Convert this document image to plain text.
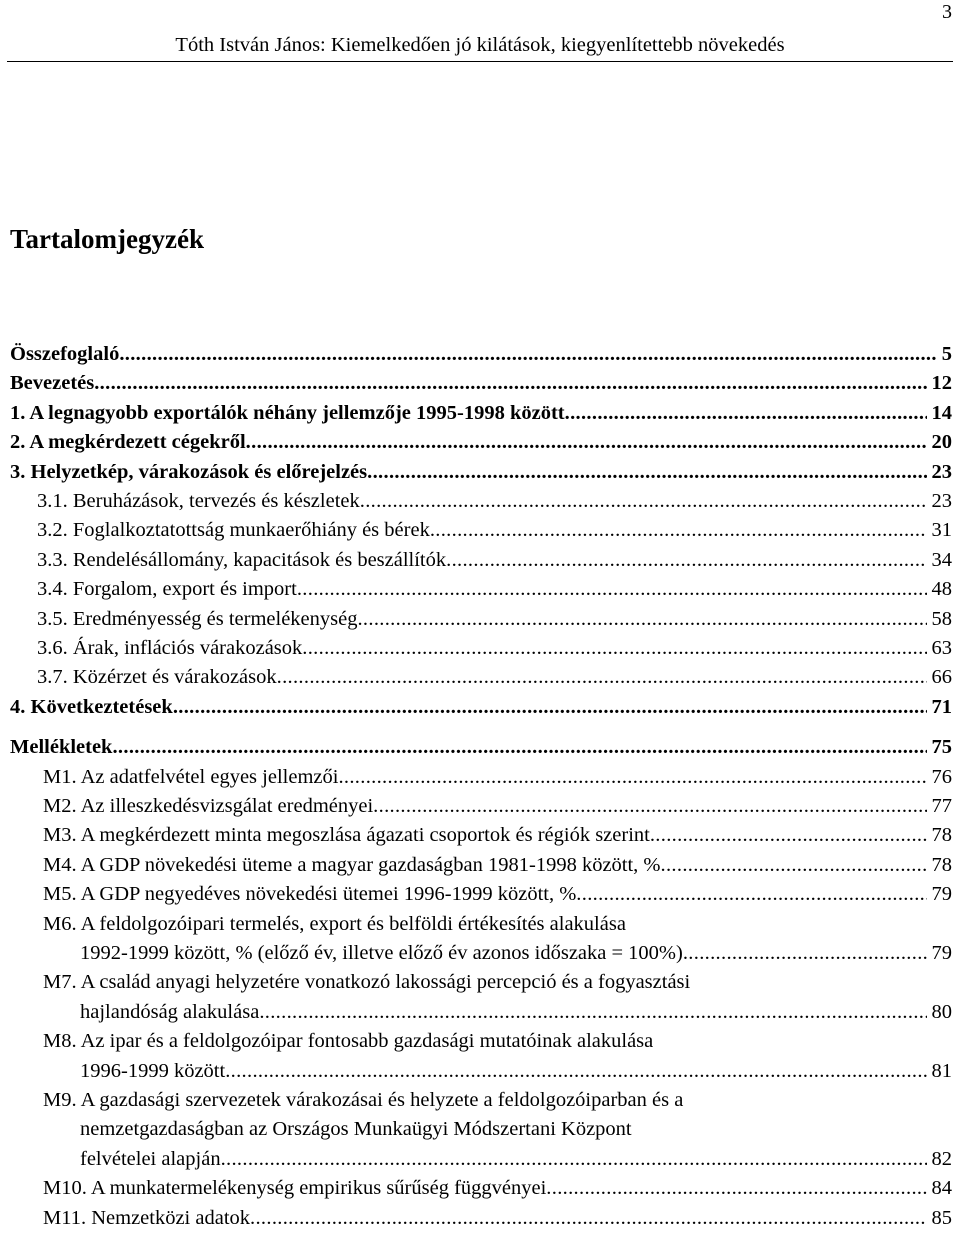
3
Tóth István János: Kiemelkedően jó kilátások, kiegyenlítettebb növekedés
Tartalomjegyzék
Összefoglaló . . .	5
Bevezetés . . .	12
1. A legnagyobb exportálók néhány jellemzője 1995-1998 között . . .	14
2. A megkérdezett cégekről . . .	20
3. Helyzetkép, várakozások és előrejelzés . . .	23
3.1. Beruházások, tervezés és készletek . . .	23
3.2. Foglalkoztatottság munkaerőhiány és bérek . . .	31
3.3. Rendelésállomány, kapacitások és beszállítók . . .	34
3.4. Forgalom, export és import . . .	48
3.5. Eredményesség és termelékenység . . .	58
3.6. Árak, inflációs várakozások . . .	63
3.7. Közérzet és várakozások . . .	66
4. Következtetések . . .	71
Mellékletek . . .	75
M1. Az adatfelvétel egyes jellemzői . . .	76
M2. Az illeszkedésvizsgálat eredményei . . .	77
M3. A megkérdezett minta megoszlása ágazati csoportok és régiók szerint . . .	78
M4. A GDP növekedési üteme a magyar gazdaságban 1981-1998 között, % . . .	78
M5. A GDP negyedéves növekedési ütemei 1996-1999 között, % . . .	79
M6. A feldolgozóipari termelés, export és belföldi értékesítés alakulása
1992-1999 között, % (előző év, illetve előző év azonos időszaka = 100%) . . .	79
M7. A család anyagi helyzetére vonatkozó lakossági percepció és a fogyasztási
hajlandóság alakulása . . .	80
M8. Az ipar és a feldolgozóipar fontosabb gazdasági mutatóinak alakulása
1996-1999 között . . .	81
M9. A gazdasági szervezetek várakozásai és helyzete a feldolgozóiparban és a
nemzetgazdaságban az Országos Munkaügyi Módszertani Központ
felvételei alapján . . .	82
M10. A munkatermelékenység empirikus sűrűség függvényei . . .	84
M11. Nemzetközi adatok . . .	85
